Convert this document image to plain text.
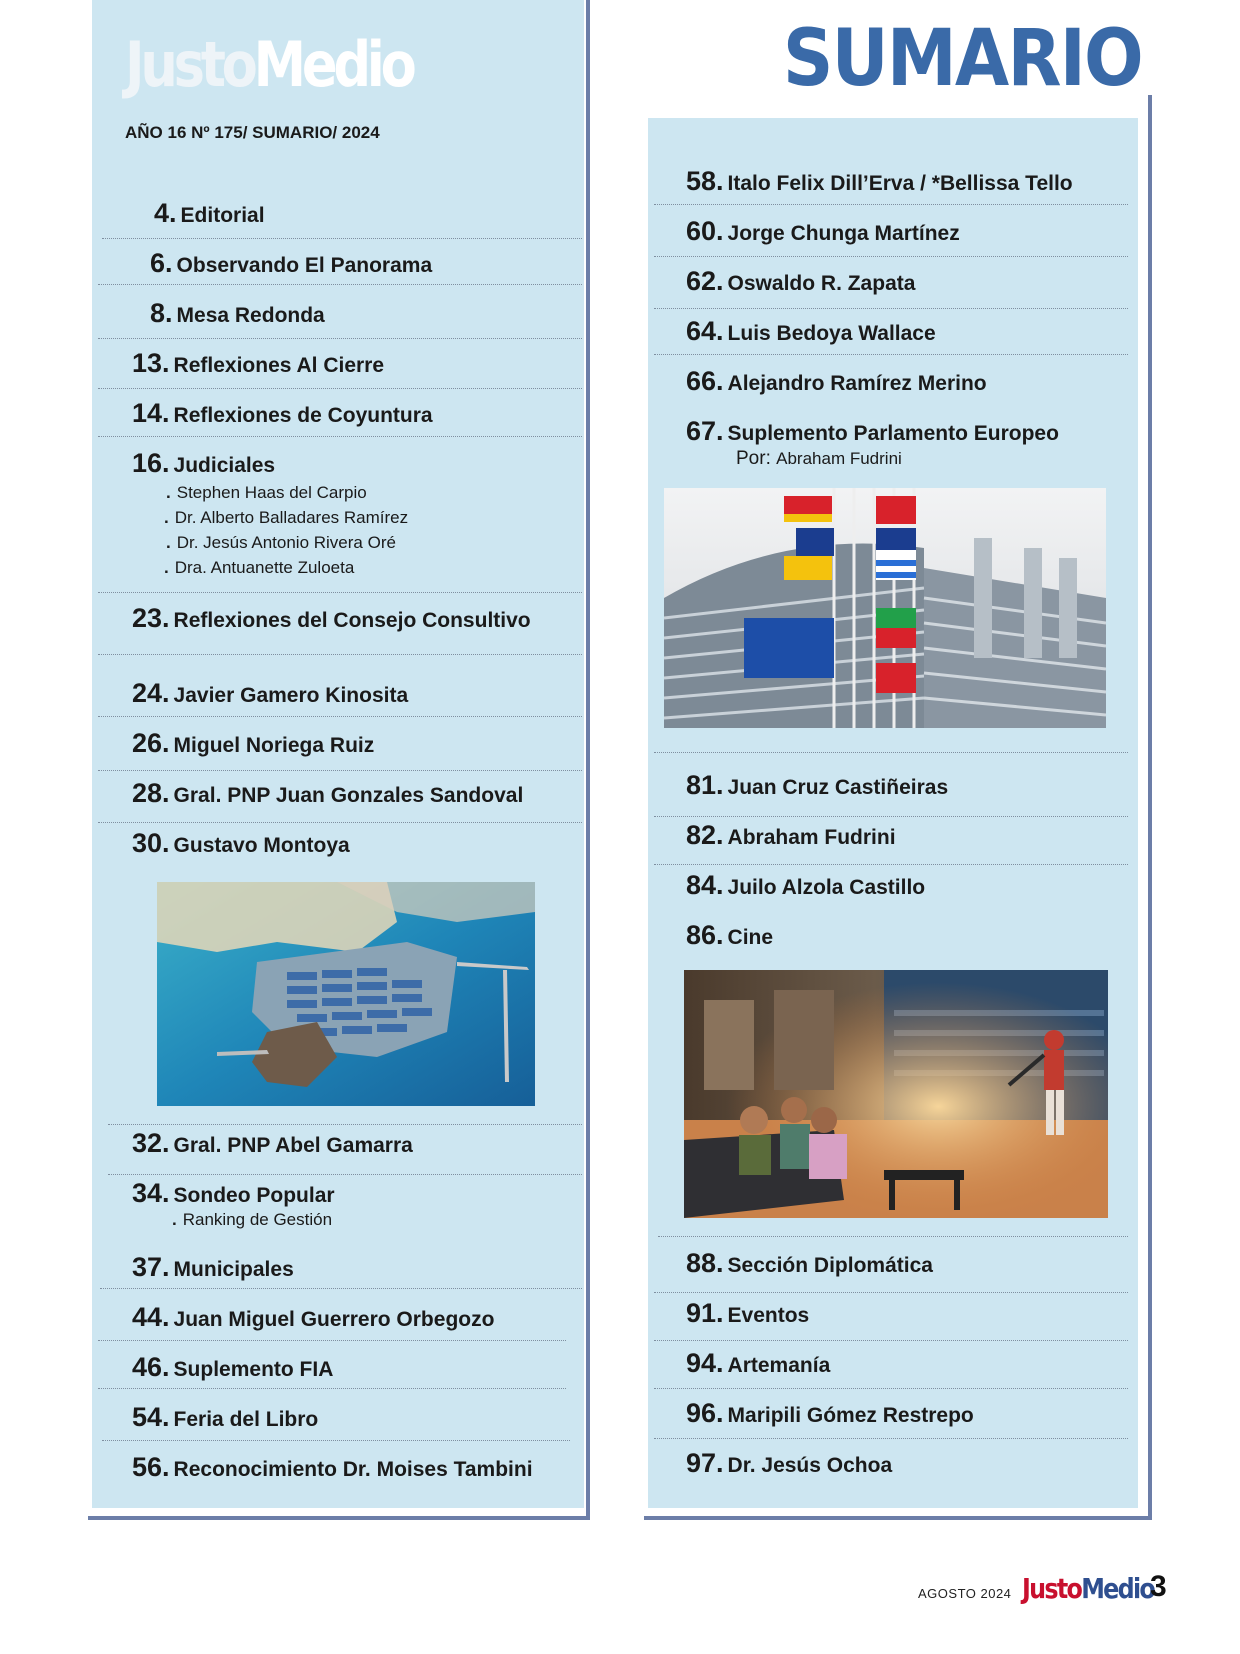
JustoMedio
AÑO 16 Nº 175/ SUMARIO/ 2024
SUMARIO
4. Editorial
6. Observando El Panorama
8. Mesa Redonda
13. Reflexiones Al Cierre
14. Reflexiones de Coyuntura
16. Judiciales
. Stephen Haas del Carpio
. Dr. Alberto Balladares Ramírez
. Dr. Jesús Antonio Rivera Oré
. Dra. Antuanette Zuloeta
23. Reflexiones del Consejo Consultivo
24. Javier Gamero Kinosita
26. Miguel Noriega Ruiz
28. Gral. PNP Juan Gonzales Sandoval
30. Gustavo Montoya
32. Gral. PNP Abel Gamarra
34. Sondeo Popular
. Ranking de Gestión
37. Municipales
44. Juan Miguel Guerrero Orbegozo
46. Suplemento FIA
54. Feria del Libro
56. Reconocimiento Dr. Moises Tambini
58. Italo Felix Dill’Erva / *Bellissa Tello
60. Jorge Chunga Martínez
62. Oswaldo R. Zapata
64. Luis Bedoya Wallace
66. Alejandro Ramírez Merino
67. Suplemento Parlamento Europeo
Por: Abraham Fudrini
81. Juan Cruz Castiñeiras
82. Abraham Fudrini
84. Juilo Alzola Castillo
86. Cine
88. Sección Diplomática
91. Eventos
94. Artemanía
96. Maripili Gómez Restrepo
97. Dr. Jesús Ochoa
AGOSTO 2024 JustoMedio
3
